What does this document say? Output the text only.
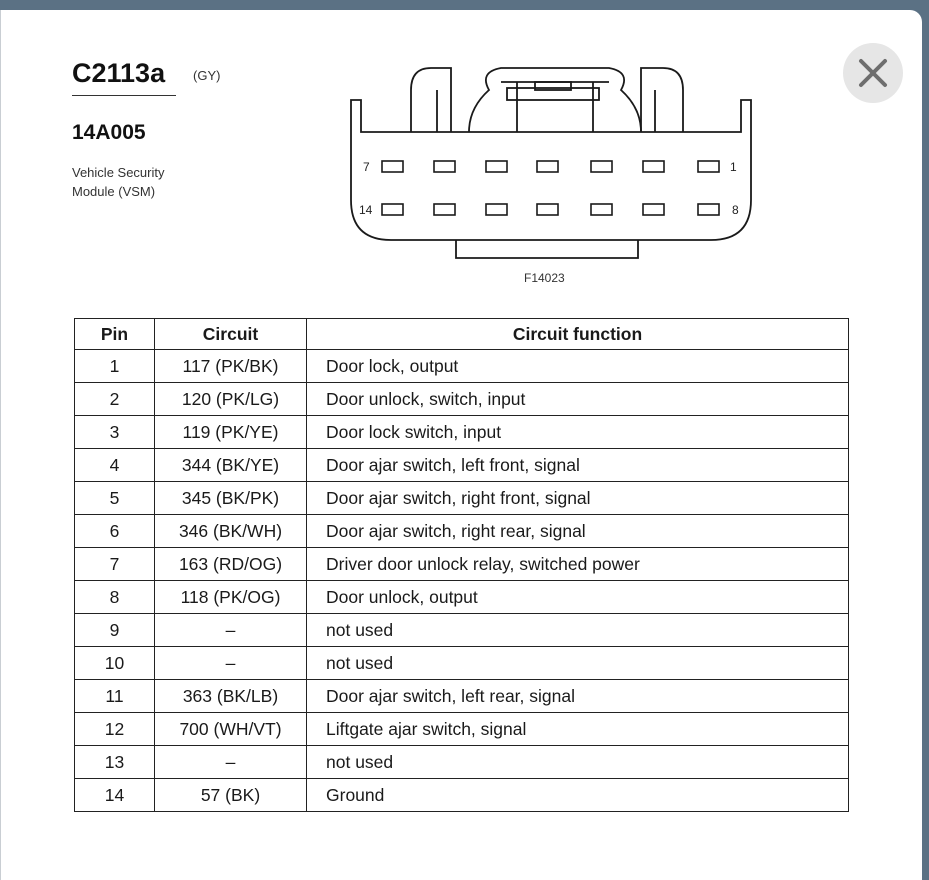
C2113a (GY)
14A005
Vehicle Security Module (VSM)
7	1
14	8
F14023
Pin	Circuit	Circuit function
1	117 (PK/BK)	Door lock, output
2	120 (PK/LG)	Door unlock, switch, input
3	119 (PK/YE)	Door lock switch, input
4	344 (BK/YE)	Door ajar switch, left front, signal
5	345 (BK/PK)	Door ajar switch, right front, signal
6	346 (BK/WH)	Door ajar switch, right rear, signal
7	163 (RD/OG)	Driver door unlock relay, switched power
8	118 (PK/OG)	Door unlock, output
9	–	not used
10	–	not used
11	363 (BK/LB)	Door ajar switch, left rear, signal
12	700 (WH/VT)	Liftgate ajar switch, signal
13	–	not used
14	57 (BK)	Ground
